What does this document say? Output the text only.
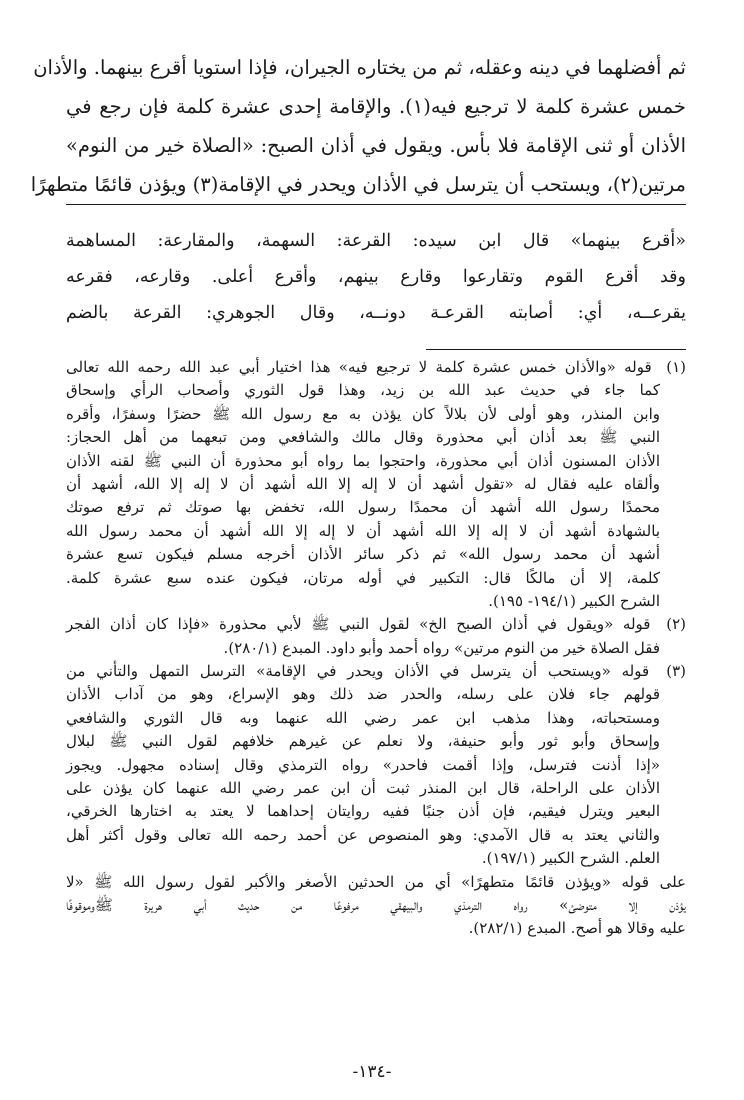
ثم أفضلهما في دينه وعقله، ثم من يختاره الجيران، فإذا استويا أقرع بينهما. والأذان
خمس عشرة كلمة لا ترجيع فيه(١). والإقامة إحدى عشرة كلمة فإن رجع في
الأذان أو ثنى الإقامة فلا بأس. ويقول في أذان الصبح: «الصلاة خير من النوم»
مرتين(٢)، ويستحب أن يترسل في الأذان ويحدر في الإقامة(٣) ويؤذن قائمًا متطهرًا
«أقرع بينهما» قال ابن سيده: القرعة: السهمة، والمقارعة: المساهمة
وقد أقرع القوم وتقارعوا وقارع بينهم، وأقرع أعلى. وقارعه، فقرعه
يقرعــه، أي: أصابته القرعـة دونــه، وقال الجوهري: القرعة بالضم
(١) قوله «والأذان خمس عشرة كلمة لا ترجيع فيه» هذا اختيار أبي عبد الله رحمه الله تعالى
كما جاء في حديث عبد الله بن زيد، وهذا قول الثوري وأصحاب الرأي وإسحاق
وابن المنذر، وهو أولى لأن بلالاً كان يؤذن به مع رسول الله ﷺ حضرًا وسفرًا، وأقره
النبي ﷺ بعد أذان أبي محذورة وقال مالك والشافعي ومن تبعهما من أهل الحجاز:
الأذان المسنون أذان أبي محذورة، واحتجوا بما رواه أبو محذورة أن النبي ﷺ لقنه الأذان
وألقاه عليه فقال له «تقول أشهد أن لا إله إلا الله أشهد أن لا إله إلا الله، أشهد أن
محمدًا رسول الله أشهد أن محمدًا رسول الله، تخفض بها صوتك ثم ترفع صوتك
بالشهادة أشهد أن لا إله إلا الله أشهد أن لا إله إلا الله أشهد أن محمد رسول الله
أشهد أن محمد رسول الله» ثم ذكر سائر الأذان أخرجه مسلم فيكون تسع عشرة
كلمة، إلا أن مالكًا قال: التكبير في أوله مرتان، فيكون عنده سبع عشرة كلمة.
الشرح الكبير (١٩٤/١- ١٩٥).
(٢) قوله «ويقول في أذان الصبح الخ» لقول النبي ﷺ لأبي محذورة «فإذا كان أذان الفجر
فقل الصلاة خير من النوم مرتين» رواه أحمد وأبو داود. المبدع (٢٨٠/١).
(٣) قوله «ويستحب أن يترسل في الأذان ويحدر في الإقامة» الترسل التمهل والتأني من
قولهم جاء فلان على رسله، والحدر ضد ذلك وهو الإسراع، وهو من آداب الأذان
ومستحباته، وهذا مذهب ابن عمر رضي الله عنهما وبه قال الثوري والشافعي
وإسحاق وأبو ثور وأبو حنيفة، ولا نعلم عن غيرهم خلافهم لقول النبي ﷺ لبلال
«إذا أذنت فترسل، وإذا أقمت فاحدر» رواه الترمذي وقال إسناده مجهول. ويجوز
الأذان على الراحلة، قال ابن المنذر ثبت أن ابن عمر رضي الله عنهما كان يؤذن على
البعير ويترل فيقيم، فإن أذن جنبًا ففيه روايتان إحداهما لا يعتد به اختارها الخرقي،
والثاني يعتد به قال الآمدي: وهو المنصوص عن أحمد رحمه الله تعالى وقول أكثر أهل
العلم. الشرح الكبير (١٩٧/١).
على قوله «ويؤذن قائمًا متطهرًا» أي من الحدثين الأصغر والأكبر لقول رسول الله ﷺ «لا
يؤذن إلا متوضئ» رواه الترمذي والبيهقي مرفوعًا من حديث أبي هريرة ﷺوموقوفًا
عليه وقالا هو أصح. المبدع (٢٨٢/١).
-١٣٤-
